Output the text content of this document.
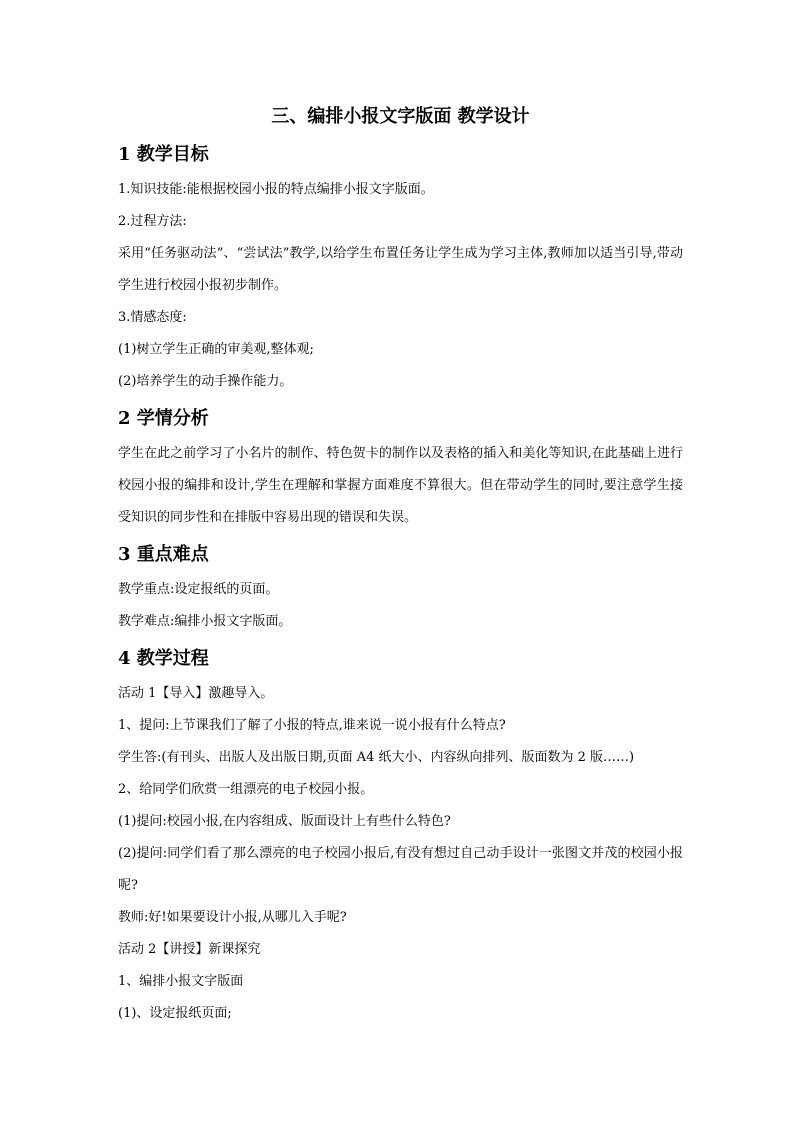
三、编排小报文字版面 教学设计
1 教学目标

1.知识技能:能根据校园小报的特点编排小报文字版面。

2.过程方法:

采用“任务驱动法”、“尝试法”教学,以给学生布置任务让学生成为学习主体,教师加以适当引导,带动学生进行校园小报初步制作。

3.情感态度:

(1)树立学生正确的审美观,整体观;

(2)培养学生的动手操作能力。

2 学情分析

学生在此之前学习了小名片的制作、特色贺卡的制作以及表格的插入和美化等知识,在此基础上进行校园小报的编排和设计,学生在理解和掌握方面难度不算很大。但在带动学生的同时,要注意学生接受知识的同步性和在排版中容易出现的错误和失误。

3 重点难点

教学重点:设定报纸的页面。

教学难点:编排小报文字版面。

4 教学过程

活动 1【导入】激趣导入。

1、提问:上节课我们了解了小报的特点,谁来说一说小报有什么特点?

学生答:(有刊头、出版人及出版日期,页面 A4 纸大小、内容纵向排列、版面数为 2 版……)

2、给同学们欣赏一组漂亮的电子校园小报。

(1)提问:校园小报,在内容组成、版面设计上有些什么特色?

(2)提问:同学们看了那么漂亮的电子校园小报后,有没有想过自己动手设计一张图文并茂的校园小报呢?

教师:好!如果要设计小报,从哪儿入手呢?

活动 2【讲授】新课探究

1、编排小报文字版面

(1)、设定报纸页面;
